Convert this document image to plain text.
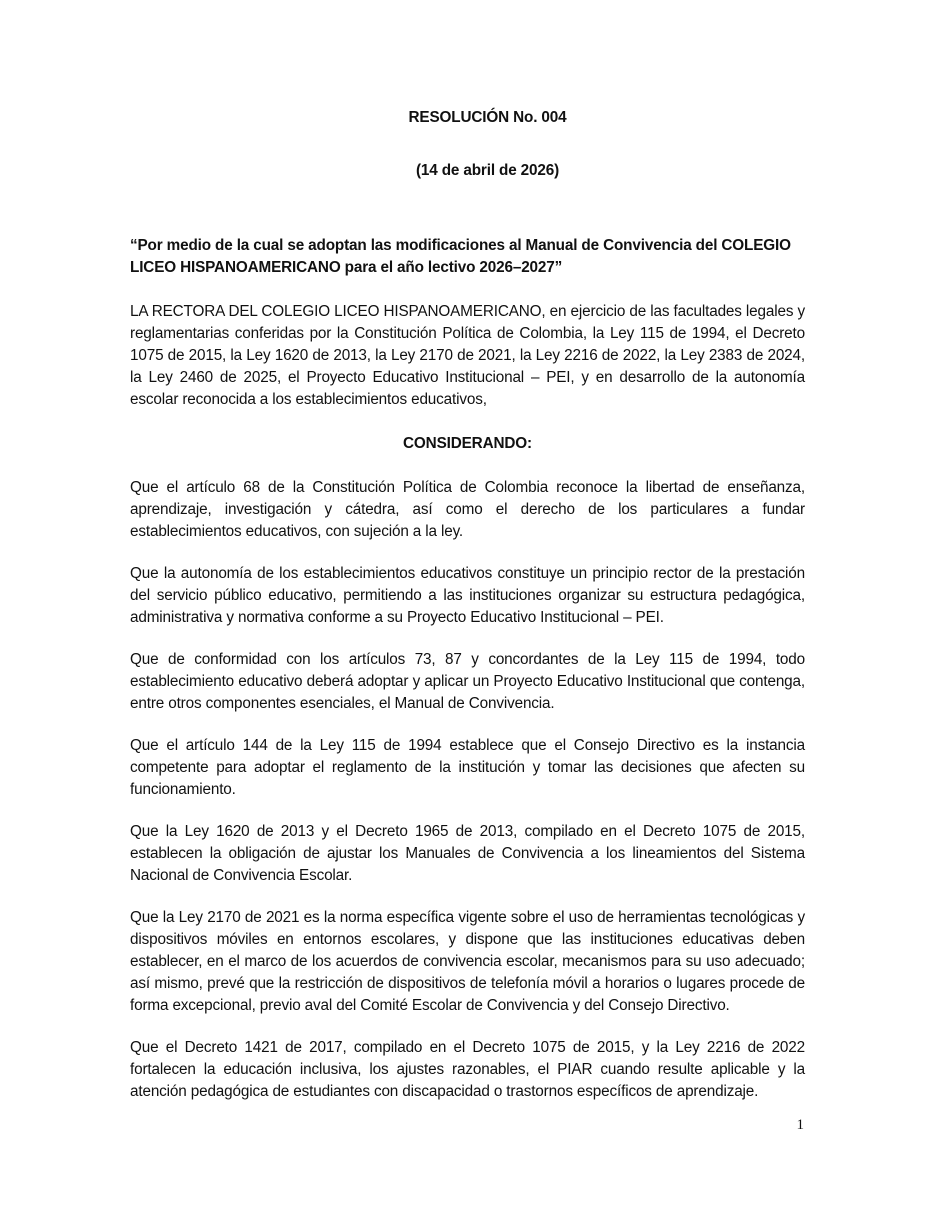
RESOLUCIÓN No. 004

(14 de abril de 2026)

“Por medio de la cual se adoptan las modificaciones al Manual de Convivencia del COLEGIO LICEO HISPANOAMERICANO para el año lectivo 2026–2027”

LA RECTORA DEL COLEGIO LICEO HISPANOAMERICANO, en ejercicio de las facultades legales y reglamentarias conferidas por la Constitución Política de Colombia, la Ley 115 de 1994, el Decreto 1075 de 2015, la Ley 1620 de 2013, la Ley 2170 de 2021, la Ley 2216 de 2022, la Ley 2383 de 2024, la Ley 2460 de 2025, el Proyecto Educativo Institucional – PEI, y en desarrollo de la autonomía escolar reconocida a los establecimientos educativos,

CONSIDERANDO:

Que el artículo 68 de la Constitución Política de Colombia reconoce la libertad de enseñanza, aprendizaje, investigación y cátedra, así como el derecho de los particulares a fundar establecimientos educativos, con sujeción a la ley.

Que la autonomía de los establecimientos educativos constituye un principio rector de la prestación del servicio público educativo, permitiendo a las instituciones organizar su estructura pedagógica, administrativa y normativa conforme a su Proyecto Educativo Institucional – PEI.

Que de conformidad con los artículos 73, 87 y concordantes de la Ley 115 de 1994, todo establecimiento educativo deberá adoptar y aplicar un Proyecto Educativo Institucional que contenga, entre otros componentes esenciales, el Manual de Convivencia.

Que el artículo 144 de la Ley 115 de 1994 establece que el Consejo Directivo es la instancia competente para adoptar el reglamento de la institución y tomar las decisiones que afecten su funcionamiento.

Que la Ley 1620 de 2013 y el Decreto 1965 de 2013, compilado en el Decreto 1075 de 2015, establecen la obligación de ajustar los Manuales de Convivencia a los lineamientos del Sistema Nacional de Convivencia Escolar.

Que la Ley 2170 de 2021 es la norma específica vigente sobre el uso de herramientas tecnológicas y dispositivos móviles en entornos escolares, y dispone que las instituciones educativas deben establecer, en el marco de los acuerdos de convivencia escolar, mecanismos para su uso adecuado; así mismo, prevé que la restricción de dispositivos de telefonía móvil a horarios o lugares procede de forma excepcional, previo aval del Comité Escolar de Convivencia y del Consejo Directivo.

Que el Decreto 1421 de 2017, compilado en el Decreto 1075 de 2015, y la Ley 2216 de 2022 fortalecen la educación inclusiva, los ajustes razonables, el PIAR cuando resulte aplicable y la atención pedagógica de estudiantes con discapacidad o trastornos específicos de aprendizaje.

1
